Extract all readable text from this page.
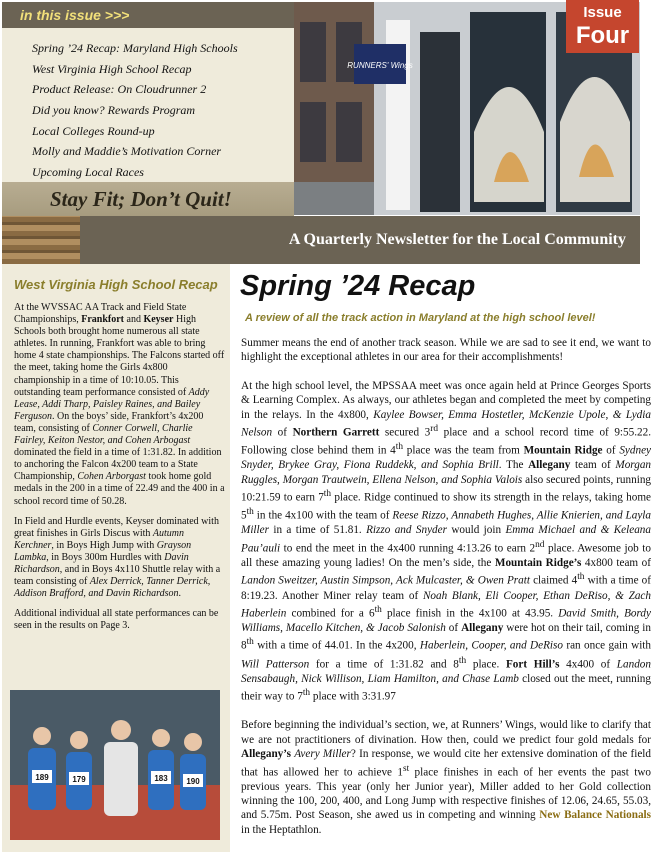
in this issue >>>
Spring ’24 Recap: Maryland High Schools
West Virginia High School Recap
Product Release: On Cloudrunner 2
Did you know? Rewards Program
Local Colleges Round-up
Molly and Maddie’s Motivation Corner
Upcoming Local Races
Stay Fit; Don’t Quit!
RUNNERS' Wings
Issue
Four
A Quarterly Newsletter for the Local Community
West Virginia High School Recap

At the WVSSAC AA Track and Field State Championships, Frankfort and Keyser High Schools both brought home numerous all state athletes. In running, Frankfort was able to bring home 4 state championships. The Falcons started off the meet, taking home the Girls 4x800 championship in a time of 10:10.05. This outstanding team performance consisted of Addy Lease, Addi Tharp, Paisley Raines, and Bailey Ferguson. On the boys’ side, Frankfort’s 4x200 team, consisting of Conner Corwell, Charlie Fairley, Keiton Nestor, and Cohen Arbogast dominated the field in a time of 1:31.82. In addition to anchoring the Falcon 4x200 team to a State Championship, Cohen Arborgast took home gold medals in the 200 in a time of 22.49 and the 400 in a school record time of 50.28.

In Field and Hurdle events, Keyser dominated with great finishes in Girls Discus with Autumn Kerchner, in Boys High Jump with Grayson Lambka, in Boys 300m Hurdles with Davin Richardson, and in Boys 4x110 Shuttle relay with a team consisting of Alex Derrick, Tanner Derrick, Addison Brafford, and Davin Richardson.

Additional individual all state performances can be seen in the results on Page 3.

189	179	183 190
Spring ’24 Recap
A review of all the track action in Maryland at the high school level!

Summer means the end of another track season. While we are sad to see it end, we want to highlight the exceptional athletes in our area for their accomplishments!

At the high school level, the MPSSAA meet was once again held at Prince Georges Sports & Learning Complex. As always, our athletes began and completed the meet by competing in the relays. In the 4x800, Kaylee Bowser, Emma Hostetler, McKenzie Upole, & Lydia Nelson of Northern Garrett secured 3rd place and a school record time of 9:55.22. Following close behind them in 4th place was the team from Mountain Ridge of Sydney Snyder, Brykee Gray, Fiona Ruddekk, and Sophia Brill. The Allegany team of Morgan Ruggles, Morgan Trautwein, Ellena Nelson, and Sophia Valois also secured points, running 10:21.59 to earn 7th place. Ridge continued to show its strength in the relays, taking home 5th in the 4x100 with the team of Reese Rizzo, Annabeth Hughes, Allie Knierien, and Layla Miller in a time of 51.81. Rizzo and Snyder would join Emma Michael and & Keleana Pau’auli to end the meet in the 4x400 running 4:13.26 to earn 2nd place. Awesome job to all these amazing young ladies! On the men’s side, the Mountain Ridge’s 4x800 team of Landon Sweitzer, Austin Simpson, Ack Mulcaster, & Owen Pratt claimed 4th with a time of 8:19.23. Another Miner relay team of Noah Blank, Eli Cooper, Ethan DeRiso, & Zach Haberlein combined for a 6th place finish in the 4x100 at 43.95. David Smith, Bordy Williams, Macello Kitchen, & Jacob Salonish of Allegany were hot on their tail, coming in 8th with a time of 44.01. In the 4x200, Haberlein, Cooper, and DeRiso ran once gain with Will Patterson for a time of 1:31.82 and 8th place. Fort Hill’s 4x400 of Landon Sensabaugh, Nick Willison, Liam Hamilton, and Chase Lamb closed out the meet, running their way to 7th place with 3:31.97

Before beginning the individual’s section, we, at Runners’ Wings, would like to clarify that we are not practitioners of divination. How then, could we predict four gold medals for Allegany’s Avery Miller? In response, we would cite her extensive domination of the field that has allowed her to achieve 1st place finishes in each of her events the past two previous years. This year (only her Junior year), Miller added to her Gold collection winning the 100, 200, 400, and Long Jump with respective finishes of 12.06, 24.65, 55.03, and 5.75m. Post Season, she awed us in competing and winning New Balance Nationals in the Heptathlon.
